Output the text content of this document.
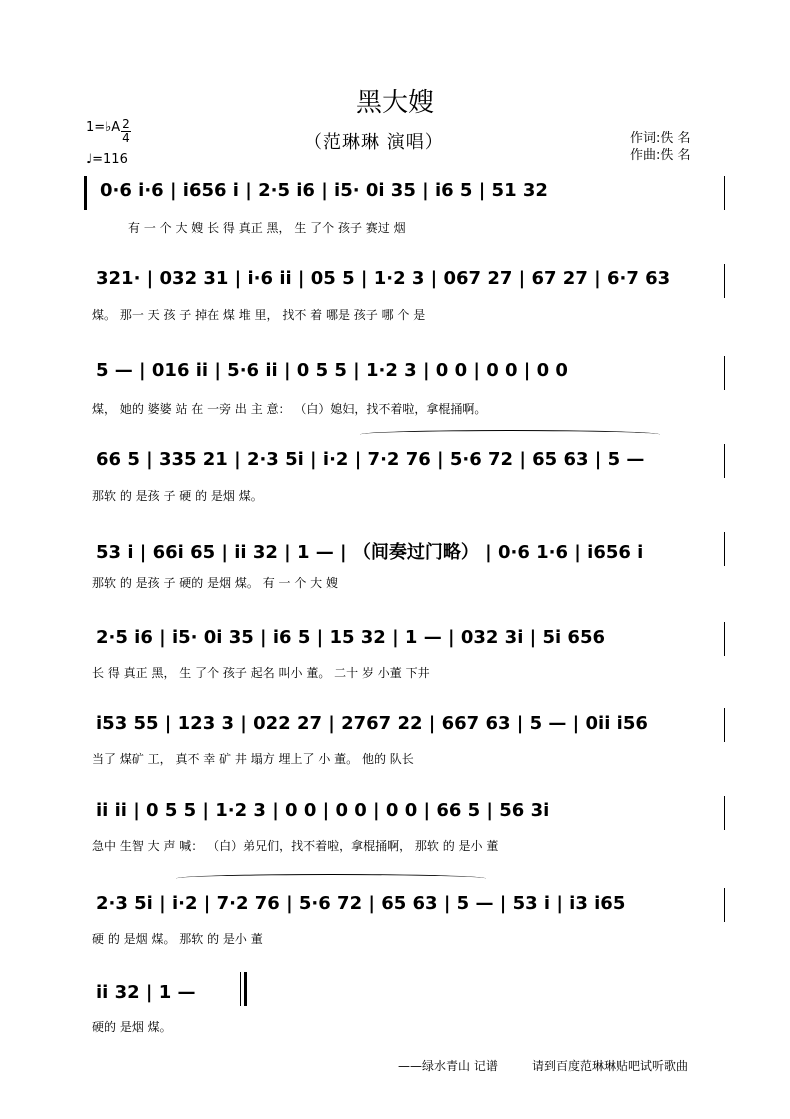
黑大嫂
（范琳琳 演唱）	作词:佚 名
作曲:佚 名
1=♭A 2
4
♩=116
0·6 i·6 | i656 i | 2·5 i6 | i5· 0i 35 | i6 5 | 51 32
有 一 个 大 嫂 长 得 真正 黑， 生 了个 孩子 赛过 烟
321· | 032 31 | i·6 ii | 05 5 | 1·2 3 | 067 27 | 67 27 | 6·7 63
煤。 那一 天 孩 子 掉在 煤 堆 里， 找不 着 哪是 孩子 哪 个 是
5 — | 016 ii | 5·6 ii | 0 5 5 | 1·2 3 | 0 0 | 0 0 | 0 0
煤， 她的 婆婆 站 在 一旁 出 主 意： （白）媳妇，找不着啦，拿棍捅啊。
66 5 | 335 21 | 2·3 5i | i·2 | 7·2 76 | 5·6 72 | 65 63 | 5 —
那软 的 是孩 子 硬 的 是烟 煤。
53 i | 66i 65 | ii 32 | 1 — | （间奏过门略） | 0·6 1·6 | i656 i
那软 的 是孩 子 硬的 是烟 煤。 有 一 个 大 嫂
2·5 i6 | i5· 0i 35 | i6 5 | 15 32 | 1 — | 032 3i | 5i 656
长 得 真正 黑， 生 了个 孩子 起名 叫小 董。 二十 岁 小董 下井
i53 55 | 123 3 | 022 27 | 2767 22 | 667 63 | 5 — | 0ii i56
当了 煤矿 工， 真不 幸 矿 井 塌方 埋上了 小 董。 他的 队长
ii ii | 0 5 5 | 1·2 3 | 0 0 | 0 0 | 0 0 | 66 5 | 56 3i
急中 生智 大 声 喊： （白）弟兄们，找不着啦，拿棍捅啊， 那软 的 是小 董
2·3 5i | i·2 | 7·2 76 | 5·6 72 | 65 63 | 5 — | 53 i | i3 i65
硬 的 是烟 煤。 那软 的 是小 董
ii 32 | 1 —
硬的 是烟 煤。
——绿水青山 记谱	请到百度范琳琳贴吧试听歌曲
